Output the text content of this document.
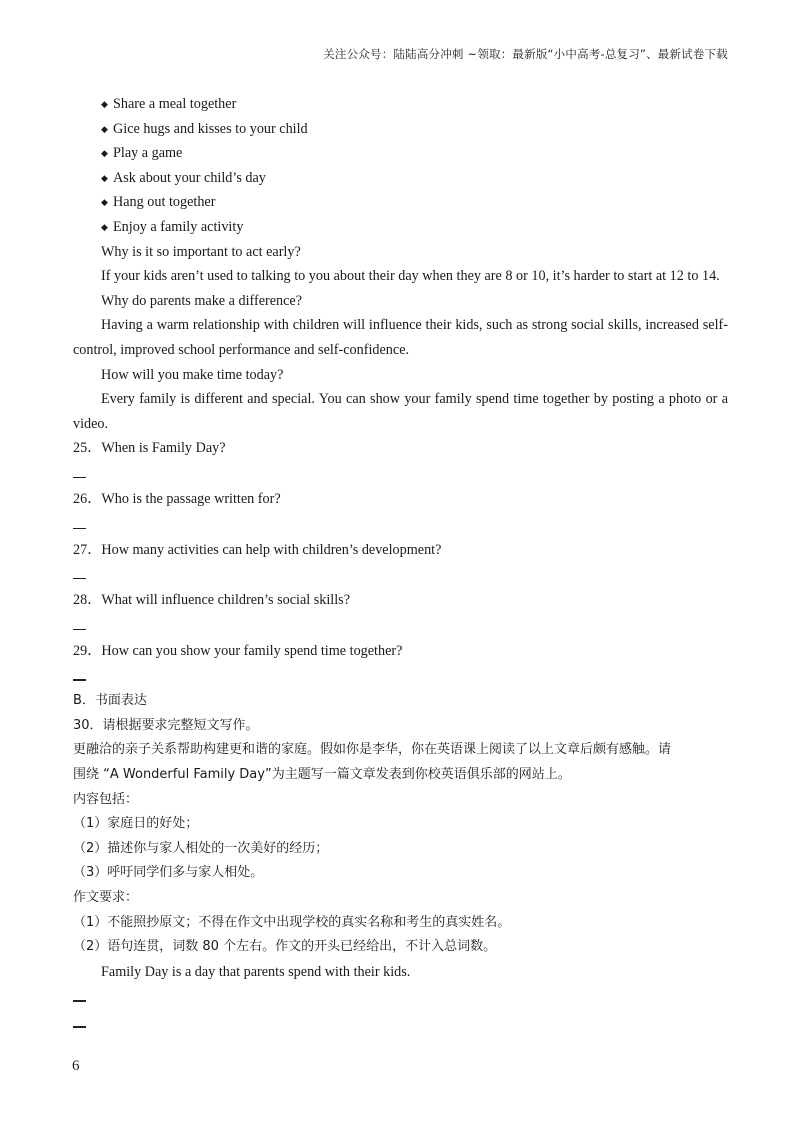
关注公众号：陆陆高分冲刺 ~领取：最新版“小中高考-总复习”、最新试卷下载
◆ Share a meal together
◆ Gice hugs and kisses to your child
◆ Play a game
◆ Ask about your child’s day
◆ Hang out together
◆ Enjoy a family activity
Why is it so important to act early?
If your kids aren’t used to talking to you about their day when they are 8 or 10, it’s harder to start at 12 to 14.
Why do parents make a difference?
Having a warm relationship with children will influence their kids, such as strong social skills, increased self-control, improved school performance and self-confidence.
How will you make time today?
Every family is different and special. You can show your family spend time together by posting a photo or a video.
25．When is Family Day?
26．Who is the passage written for?
27．How many activities can help with children’s development?
28．What will influence children’s social skills?
29．How can you show your family spend time together?
B．书面表达
30．请根据要求完整短文写作。
更融洽的亲子关系帮助构建更和谐的家庭。假如你是李华，你在英语课上阅读了以上文章后颇有感触。请
围绕 “A Wonderful Family Day”为主题写一篇文章发表到你校英语俱乐部的网站上。
内容包括：
（1）家庭日的好处；
（2）描述你与家人相处的一次美好的经历；
（3）呼吁同学们多与家人相处。
作文要求：
（1）不能照抄原文；不得在作文中出现学校的真实名称和考生的真实姓名。
（2）语句连贯，词数 80 个左右。作文的开头已经给出，不计入总词数。
Family Day is a day that parents spend with their kids.
6
